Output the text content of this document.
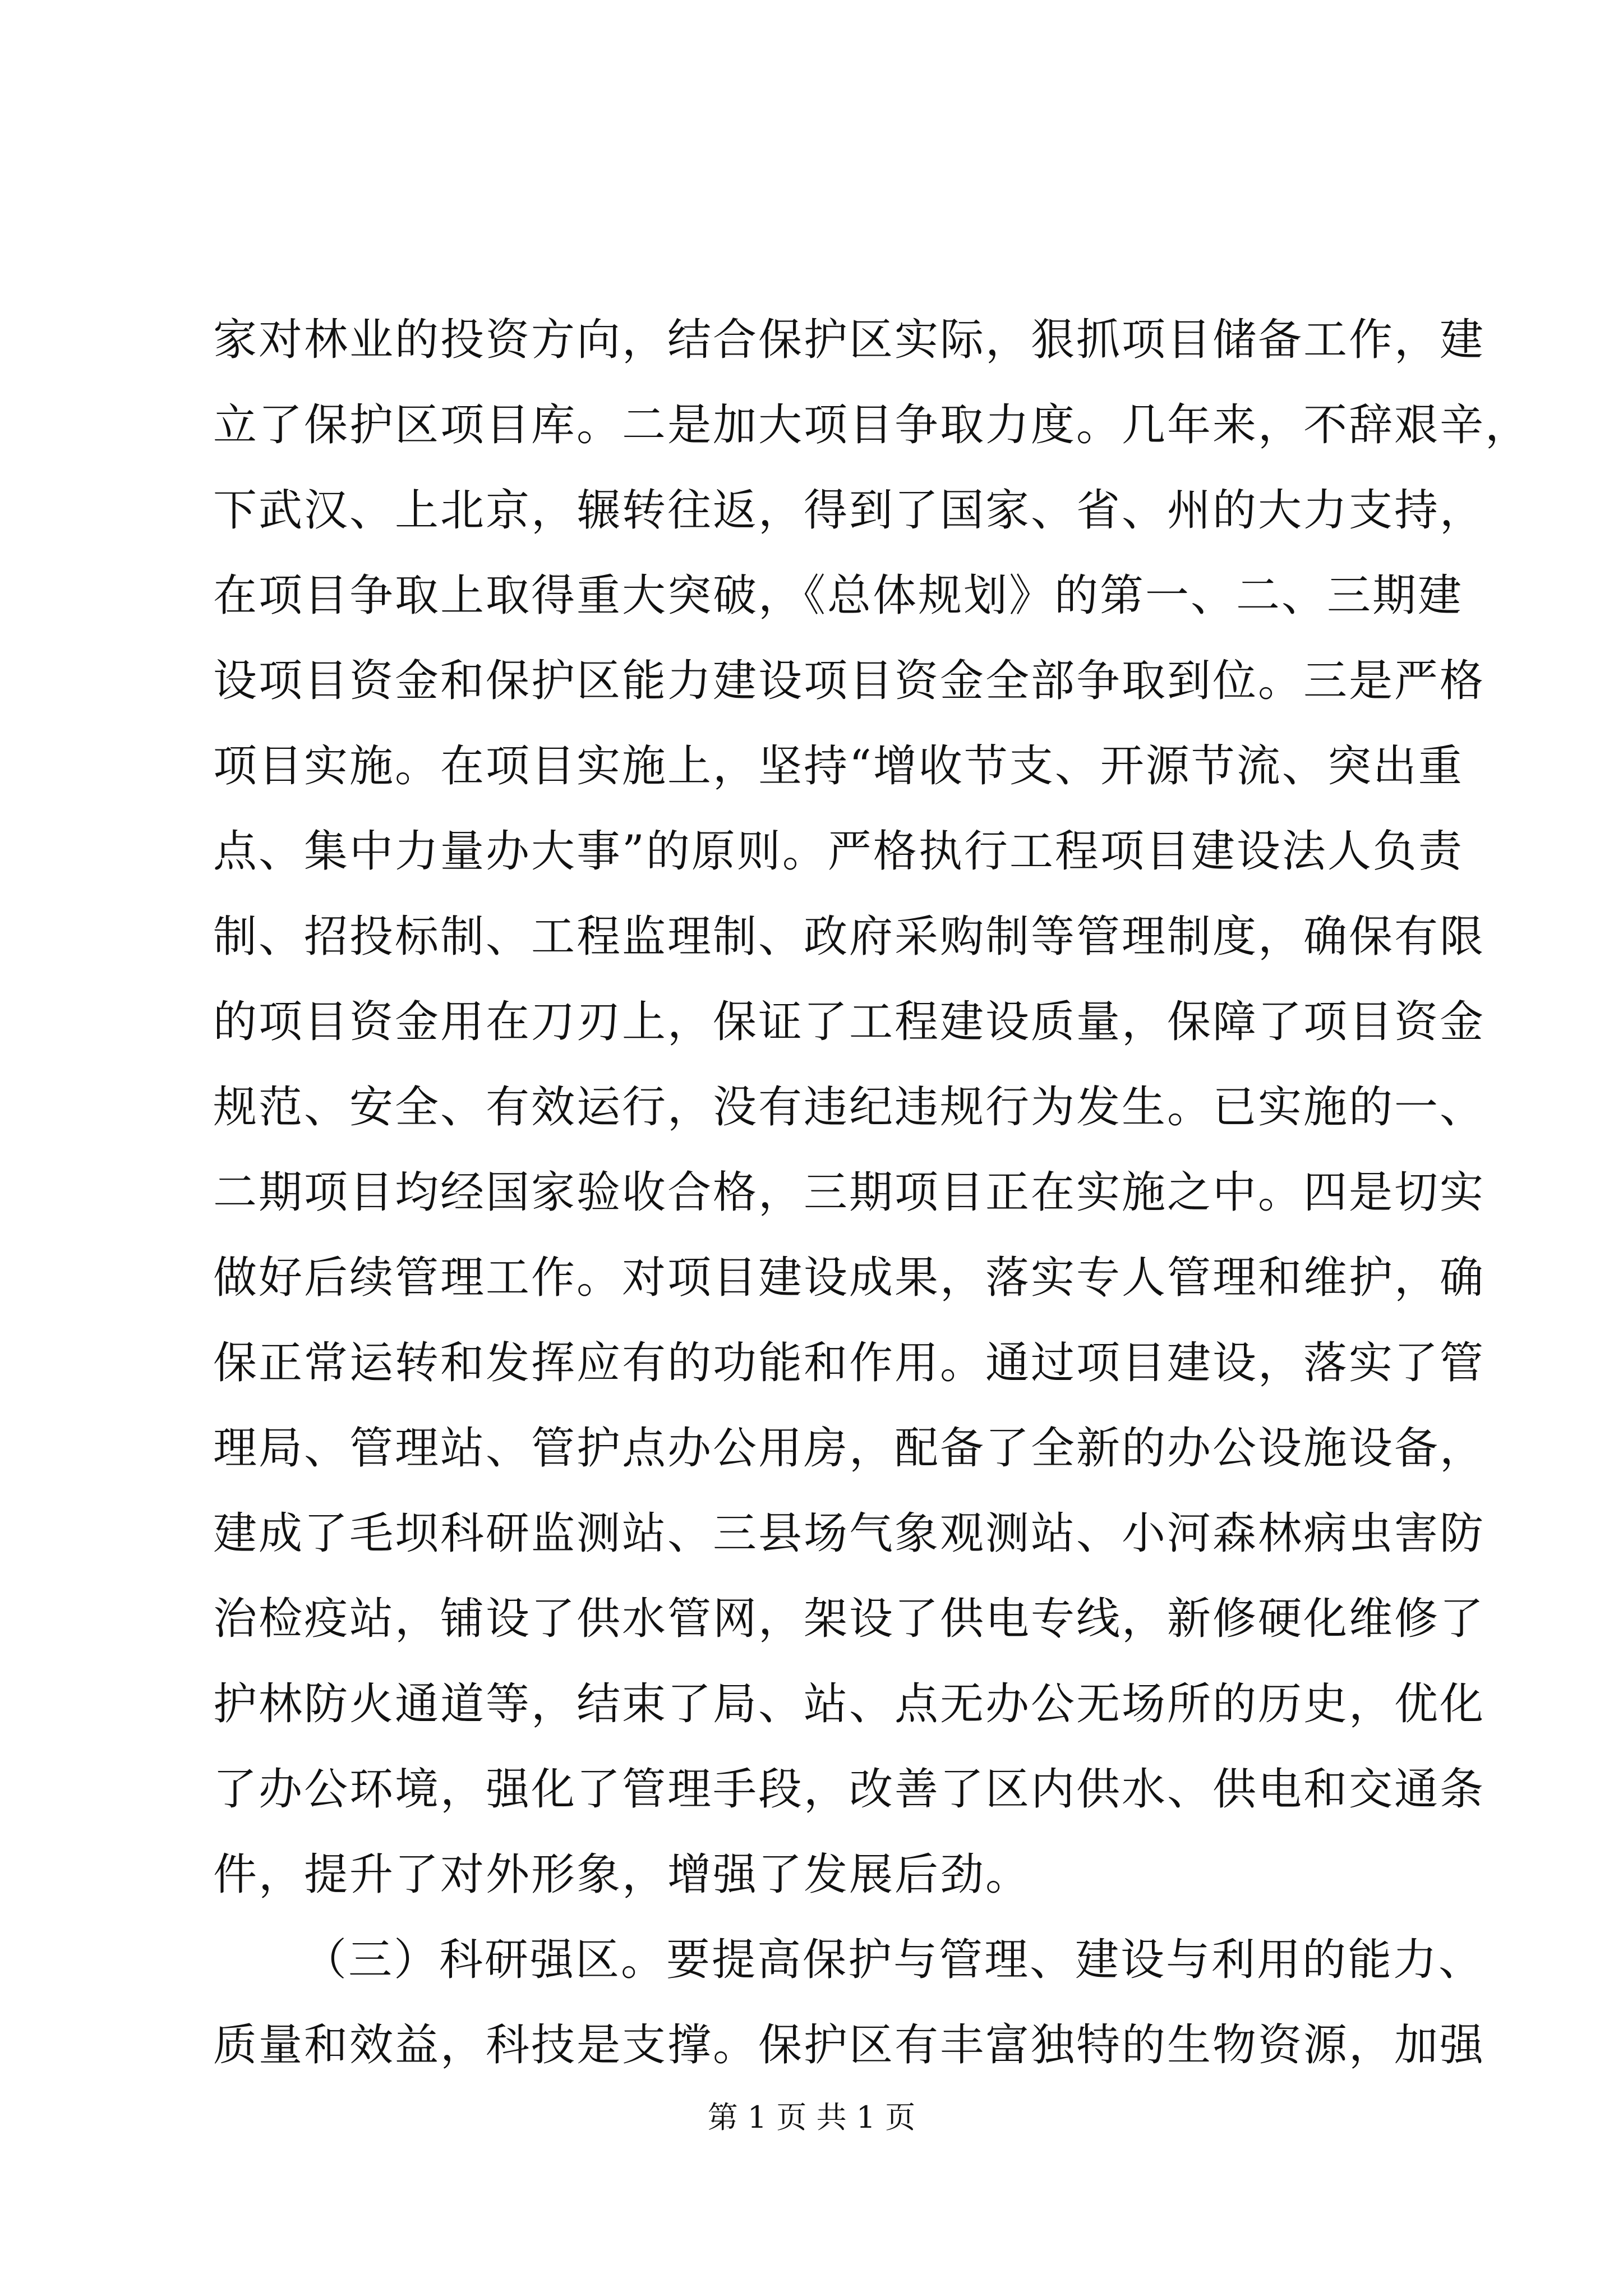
家对林业的投资方向，结合保护区实际，狠抓项目储备工作，建
立了保护区项目库。二是加大项目争取力度。几年来，不辞艰辛，
下武汉、上北京，辗转往返，得到了国家、省、州的大力支持，
在项目争取上取得重大突破，《总体规划》的第一、二、三期建
设项目资金和保护区能力建设项目资金全部争取到位。三是严格
项目实施。在项目实施上，坚持“增收节支、开源节流、突出重
点、集中力量办大事”的原则。严格执行工程项目建设法人负责
制、招投标制、工程监理制、政府采购制等管理制度，确保有限
的项目资金用在刀刃上，保证了工程建设质量，保障了项目资金
规范、安全、有效运行，没有违纪违规行为发生。已实施的一、
二期项目均经国家验收合格，三期项目正在实施之中。四是切实
做好后续管理工作。对项目建设成果，落实专人管理和维护，确
保正常运转和发挥应有的功能和作用。通过项目建设，落实了管
理局、管理站、管护点办公用房，配备了全新的办公设施设备，
建成了毛坝科研监测站、三县场气象观测站、小河森林病虫害防
治检疫站，铺设了供水管网，架设了供电专线，新修硬化维修了
护林防火通道等，结束了局、站、点无办公无场所的历史，优化
了办公环境，强化了管理手段，改善了区内供水、供电和交通条
件，提升了对外形象，增强了发展后劲。
（三）科研强区。要提高保护与管理、建设与利用的能力、
质量和效益，科技是支撑。保护区有丰富独特的生物资源，加强
第 1 页 共 1 页
